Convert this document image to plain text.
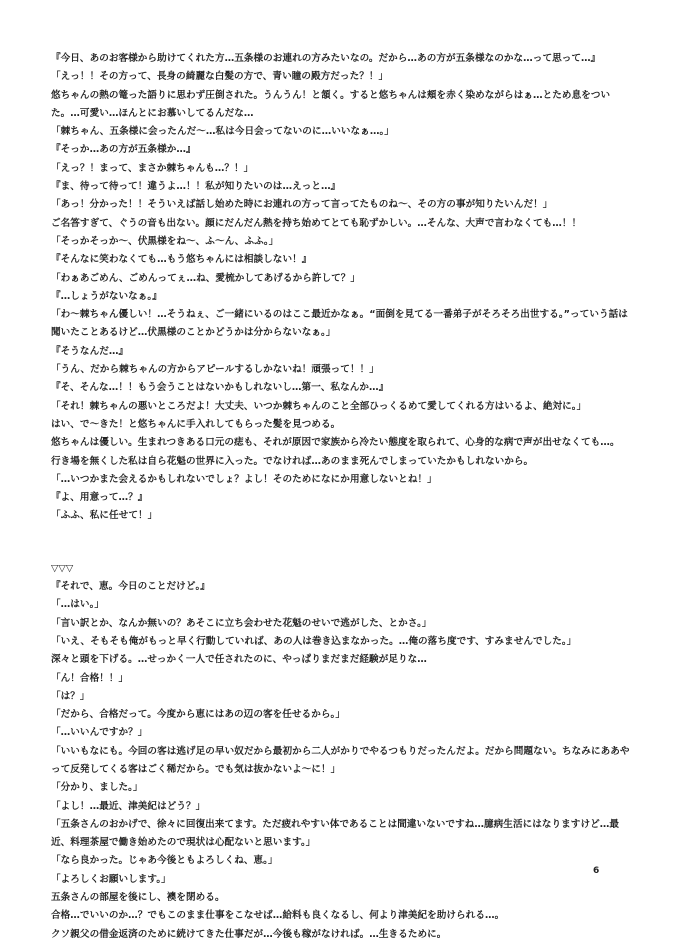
『今日、あのお客様から助けてくれた方…五条様のお連れの方みたいなの。だから…あの方が五条様なのかな…って思って…』
「えっ！！その方って、長身の綺麗な白髪の方で、青い瞳の殿方だった？！」
悠ちゃんの熱の篭った語りに思わず圧倒された。うんうん！と頷く。すると悠ちゃんは頬を赤く染めながらはぁ…とため息をつい
た。…可愛い…ほんとにお慕いしてるんだな…
「棘ちゃん、五条様に会ったんだ〜…私は今日会ってないのに…いいなぁ…。」
『そっか…あの方が五条様か…』
「えっ？！まって、まさか棘ちゃんも…？！」
『ま、待って待って！違うよ…！！私が知りたいのは…えっと…』
「あっ！分かった！！そういえば話し始めた時にお連れの方って言ってたものね〜、その方の事が知りたいんだ！」
ご名答すぎて、ぐうの音も出ない。顔にだんだん熱を持ち始めてとても恥ずかしい。…そんな、大声で言わなくても…！！
「そっかそっか〜、伏黒様をね〜、ふ〜ん、ふふ。」
『そんなに笑わなくても…もう悠ちゃんには相談しない！』
「わぁあごめん、ごめんってぇ…ね、愛梳かしてあげるから許して？」
『…しょうがないなぁ。』
「わ〜棘ちゃん優しい！…そうねぇ、ご一緒にいるのはここ最近かなぁ。“面倒を見てる一番弟子がそろそろ出世する。”っていう話は
聞いたことあるけど…伏黒様のことかどうかは分からないなぁ。」
『そうなんだ…』
「うん、だから棘ちゃんの方からアピールするしかないね！頑張って！！」
『そ、そんな…！！もう会うことはないかもしれないし…第一、私なんか…』
「それ！棘ちゃんの悪いところだよ！大丈夫、いつか棘ちゃんのこと全部ひっくるめて愛してくれる方はいるよ、絶対に。」
はい、で〜きた！と悠ちゃんに手入れしてもらった髪を見つめる。
悠ちゃんは優しい。生まれつきある口元の痣も、それが原因で家族から冷たい態度を取られて、心身的な病で声が出せなくても…。
行き場を無くした私は自ら花魁の世界に入った。でなければ…あのまま死んでしまっていたかもしれないから。
「…いつかまた会えるかもしれないでしょ？よし！そのためになにか用意しないとね！」
『よ、用意って…？』
「ふふ、私に任せて！」
▽▽▽
『それで、恵。今日のことだけど。』
「…はい。」
「言い訳とか、なんか無いの？あそこに立ち会わせた花魁のせいで逃がした、とかさ。」
「いえ、そもそも俺がもっと早く行動していれば、あの人は巻き込まなかった。…俺の落ち度です、すみませんでした。」
深々と頭を下げる。…せっかく一人で任されたのに、やっぱりまだまだ経験が足りな…
「ん！合格！！」
「は？」
「だから、合格だって。今度から恵にはあの辺の客を任せるから。」
「…いいんですか？」
「いいもなにも。今回の客は逃げ足の早い奴だから最初から二人がかりでやるつもりだったんだよ。だから問題ない。ちなみにああや
って反発してくる客はごく稀だから。でも気は抜かないよ〜に！」
「分かり、ました。」
「よし！…最近、津美紀はどう？」
「五条さんのおかげで、徐々に回復出来てます。ただ疲れやすい体であることは間違いないですね…臆病生活にはなりますけど…最
近、料理茶屋で働き始めたので現状は心配ないと思います。」
「なら良かった。じゃあ今後ともよろしくね、恵。」
「よろしくお願いします。」
五条さんの部屋を後にし、襖を閉める。
合格…でいいのか…？でもこのまま仕事をこなせば…給料も良くなるし、何より津美紀を助けられる…。
クソ親父の借金返済のために続けてきた仕事だが…今後も稼がなければ。…生きるために。
6
